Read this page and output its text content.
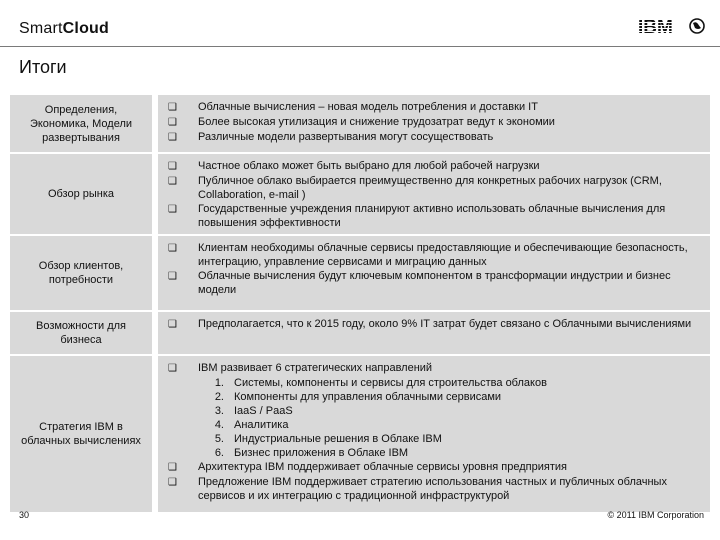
SmartCloud
Итоги
Определения, Экономика, Модели развертывания
❑	Облачные вычисления – новая модель потребления и доставки IT
❑	Более высокая утилизация и снижение трудозатрат ведут к экономии
❑	Различные модели развертывания могут сосуществовать
Обзор рынка
❑	Частное облако может быть выбрано для любой рабочей нагрузки
❑	Публичное облако выбирается преимущественно для конкретных рабочих нагрузок (CRM, Collaboration, e-mail )
❑	Государственные учреждения планируют активно использовать облачные вычисления для повышения эффективности
Обзор клиентов, потребности
❑	Клиентам необходимы облачные сервисы предоставляющие и обеспечивающие безопасность, интеграцию, управление сервисами и миграцию данных
❑	Облачные вычисления будут ключевым компонентом в трансформации индустрии и бизнес модели
Возможности для бизнеса
❑	Предполагается, что к 2015 году, около 9% IT затрат будет связано с Облачными вычислениями
Стратегия IBM в облачных вычислениях
❑	IBM развивает 6 стратегических направлений
1. Системы, компоненты и сервисы для строительства облаков
2. Компоненты для управления облачными сервисами
3. IaaS / PaaS
4. Аналитика
5. Индустриальные решения в Облаке IBM
6. Бизнес приложения в Облаке IBM
❑	Архитектура IBM поддерживает облачные сервисы уровня предприятия
❑	Предложение IBM поддерживает стратегию использования частных и публичных облачных сервисов и их интеграцию с традиционной инфраструктурой
30	© 2011 IBM Corporation
